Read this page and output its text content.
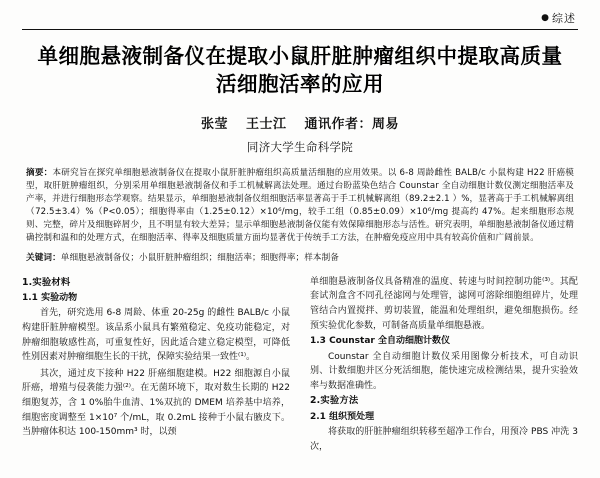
● 综述
单细胞悬液制备仪在提取小鼠肝脏肿瘤组织中提取高质量
活细胞活率的应用
张莹 王士江 通讯作者：周易
同济大学生命科学院
摘要：本研究旨在探究单细胞悬液制备仪在提取小鼠肝脏肿瘤组织高质量活细胞的应用效果。以 6-8 周龄雌性 BALB/c 小鼠构建 H22 肝癌模型，取肝脏肿瘤组织，分别采用单细胞悬液制备仪和手工机械解离法处理。通过台盼蓝染色结合 Counstar 全自动细胞计数仪测定细胞活率及产率，并进行细胞形态学观察。结果显示，单细胞悬液制备仪组细胞活率显著高于手工机械解离组（89.2±2.1 ）%，显著高于手工机械解离组（72.5±3.4）%（P<0.05）；细胞得率由（1.25±0.12）×10⁶/mg，较手工组（0.85±0.09）×10⁶/mg 提高约 47%。起来细胞形态规则、完整，碎片及细胞碎屑少，且不明显有较大差异；显示单细胞悬液制备仪能有效保障细胞形态与活性。研究表明，单细胞悬液制备仪通过精确控制和温和的处理方式，在细胞活率、得率及细胞质量方面均显著优于传统手工方法，在肿瘤免疫应用中具有较高价值和广阔前景。
关键词：单细胞悬液制备仪；小鼠肝脏肿瘤组织；细胞活率；细胞得率；样本制备
1.实验材料
1.1 实验动物

首先，研究选用 6-8 周龄、体重 20-25g 的雌性 BALB/c 小鼠构建肝脏肿瘤模型。该品系小鼠具有繁殖稳定、免疫功能稳定，对肿瘤细胞敏感性高，可重复性好，因此适合建立稳定模型，可降低性别因素对肿瘤细胞生长的干扰，保障实验结果一致性⁽¹⁾。

其次，通过皮下接种 H22 肝癌细胞建模。H22 细胞源自小鼠肝癌，增殖与侵袭能力强⁽²⁾。在无菌环境下，取对数生长期的 H22 细胞复苏，含 1 0%胎牛血清、1%双抗的 DMEM 培养基中培养，细胞密度调整至 1×10⁷ 个/mL，取 0.2mL 接种于小鼠右腋皮下。当肿瘤体积达 100-150mm³ 时，以颈

单细胞悬液制备仪具备精准的温度、转速与时间控制功能⁽³⁾。其配套试剂盒含不同孔径滤网与处理管，滤网可溶除细胞组碎片，处理管结合内置搅拌、剪切装置，能温和处理组织，避免细胞损伤。经预实验优化参数，可制备高质量单细胞悬液。

1.3 Counstar 全自动细胞计数仪

Counstar 全自动细胞计数仪采用图像分析技术，可自动识别、计数细胞并区分死活细胞，能快速完成检测结果，提升实验效率与数据准确性。

2.实验方法
2.1 组织预处理

将获取的肝脏肿瘤组织转移至超净工作台，用预冷 PBS 冲洗 3 次，
